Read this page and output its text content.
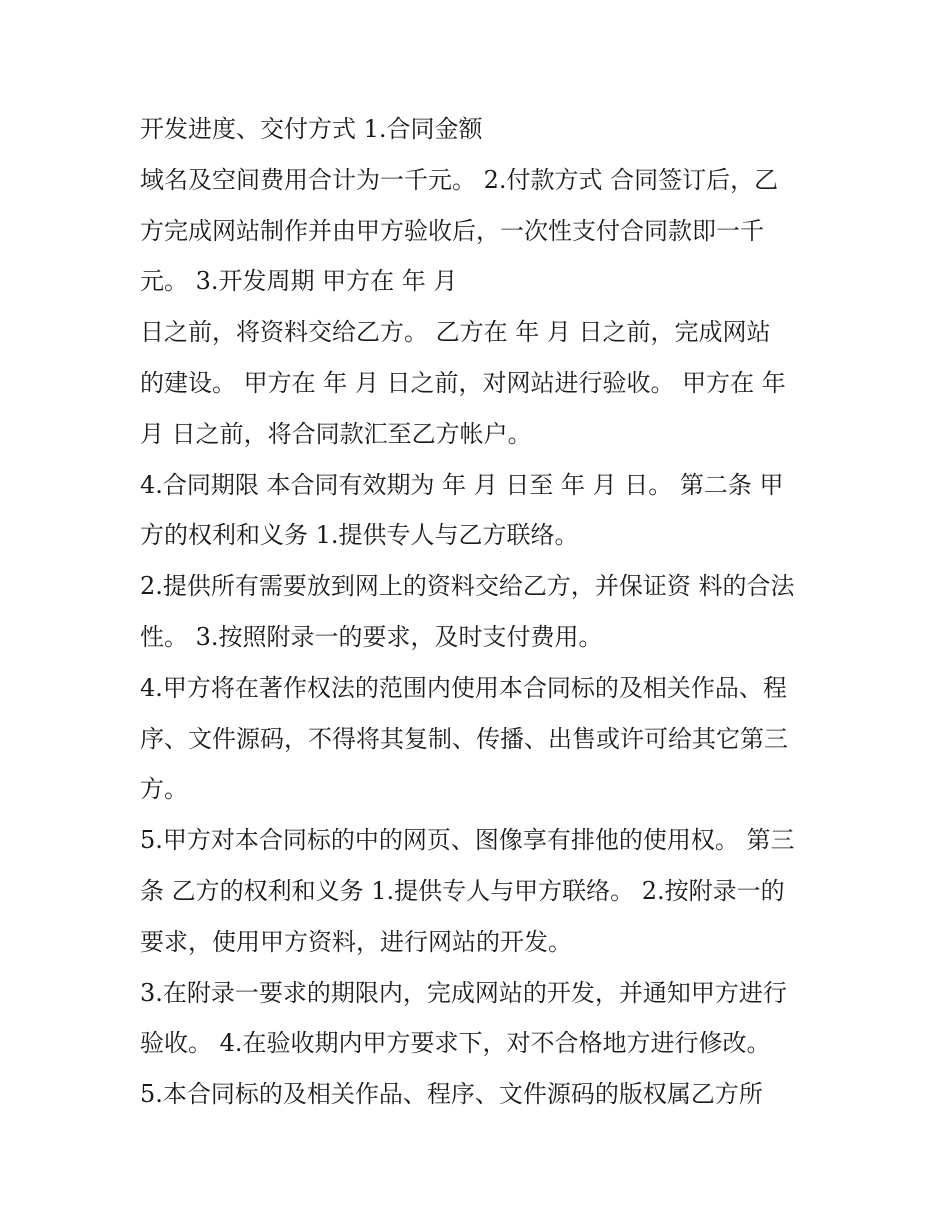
开发进度、交付方式 1.合同金额
域名及空间费用合计为一千元。 2.付款方式 合同签订后，乙
方完成网站制作并由甲方验收后，一次性支付合同款即一千
元。 3.开发周期 甲方在 年 月
日之前，将资料交给乙方。 乙方在 年 月 日之前，完成网站
的建设。 甲方在 年 月 日之前，对网站进行验收。 甲方在 年
月 日之前，将合同款汇至乙方帐户。
4.合同期限 本合同有效期为 年 月 日至 年 月 日。 第二条 甲
方的权利和义务 1.提供专人与乙方联络。
2.提供所有需要放到网上的资料交给乙方，并保证资 料的合法
性。 3.按照附录一的要求，及时支付费用。
4.甲方将在著作权法的范围内使用本合同标的及相关作品、程
序、文件源码，不得将其复制、传播、出售或许可给其它第三
方。
5.甲方对本合同标的中的网页、图像享有排他的使用权。 第三
条 乙方的权利和义务 1.提供专人与甲方联络。 2.按附录一的
要求，使用甲方资料，进行网站的开发。
3.在附录一要求的期限内，完成网站的开发，并通知甲方进行
验收。 4.在验收期内甲方要求下，对不合格地方进行修改。
5.本合同标的及相关作品、程序、文件源码的版权属乙方所
